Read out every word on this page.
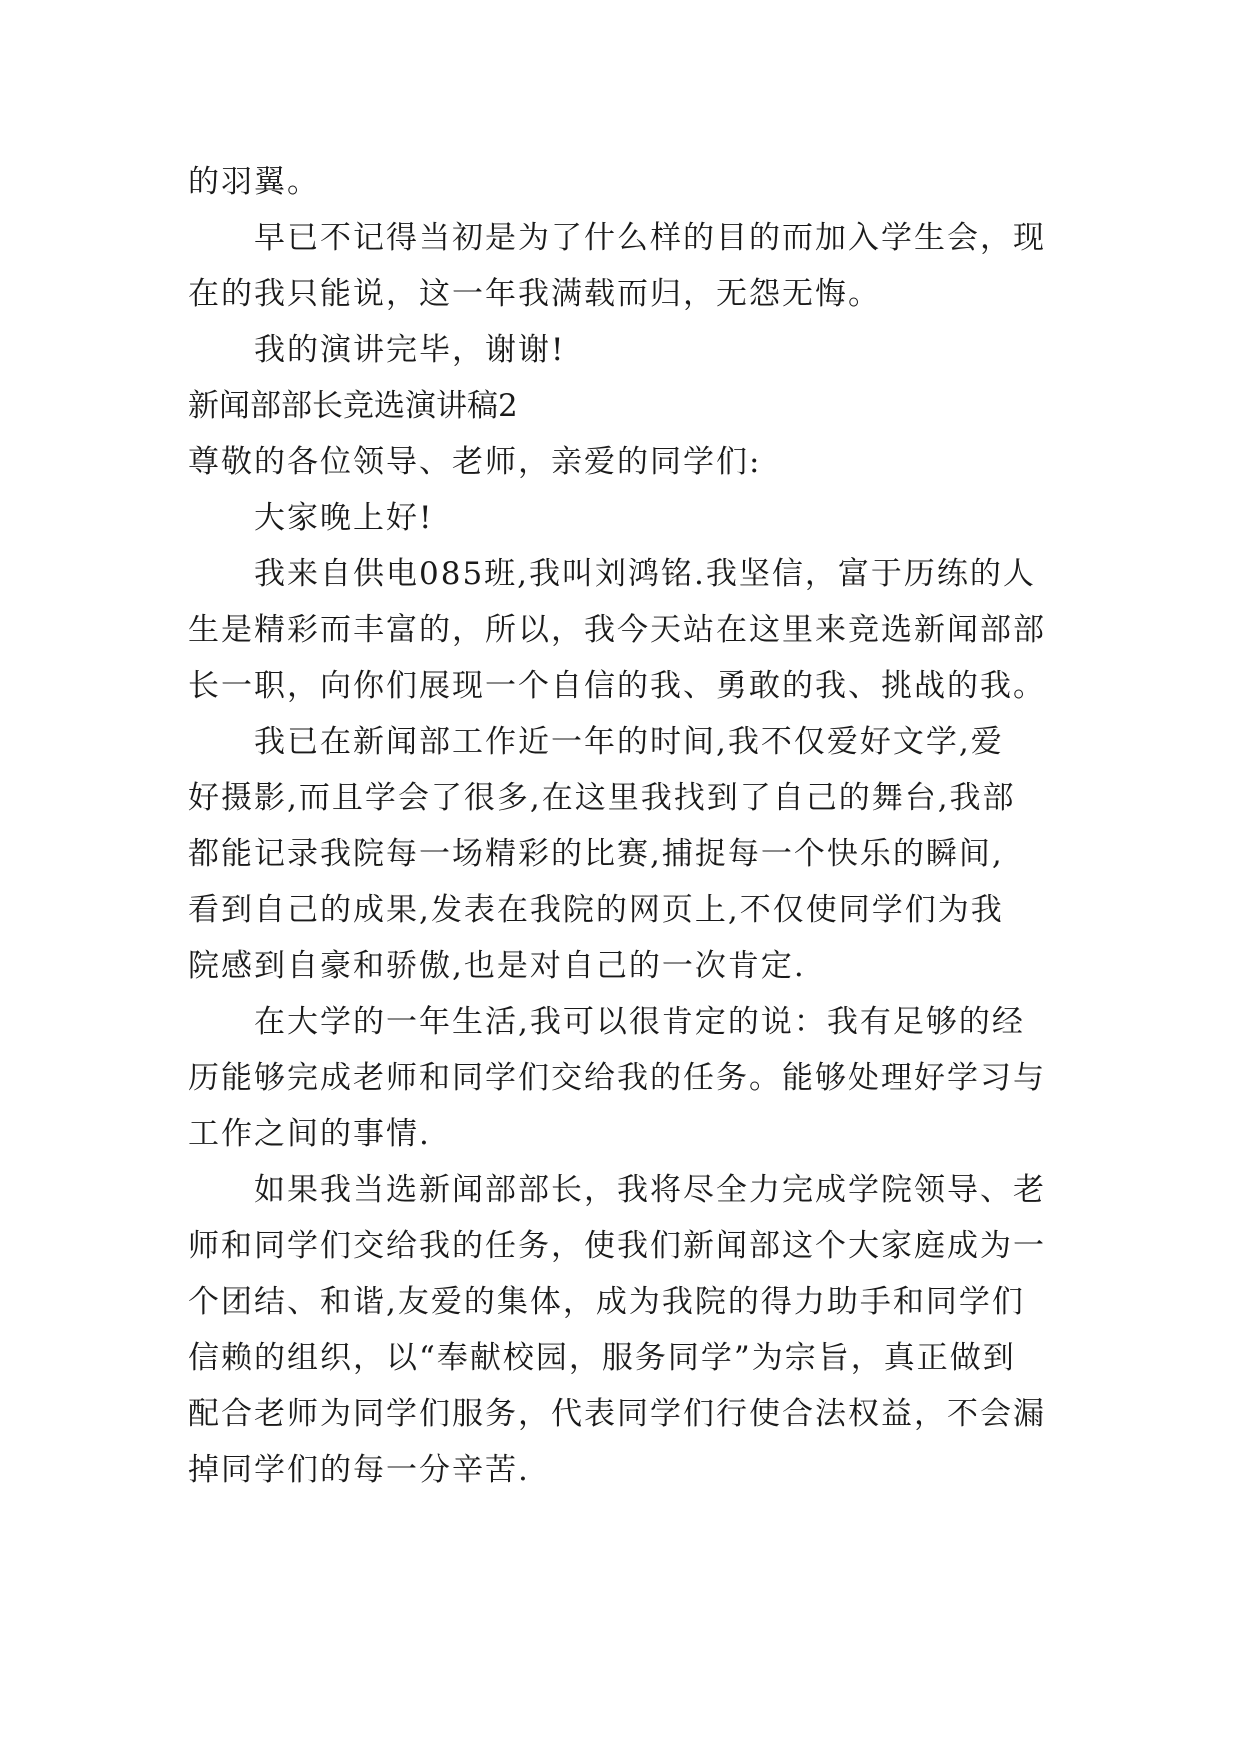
的羽翼。
早已不记得当初是为了什么样的目的而加入学生会，现
在的我只能说，这一年我满载而归，无怨无悔。
我的演讲完毕，谢谢!
新闻部部长竞选演讲稿2
尊敬的各位领导、老师，亲爱的同学们:
大家晚上好!
我来自供电085班,我叫刘鸿铭.我坚信，富于历练的人
生是精彩而丰富的，所以，我今天站在这里来竞选新闻部部
长一职，向你们展现一个自信的我、勇敢的我、挑战的我。
我已在新闻部工作近一年的时间,我不仅爱好文学,爱
好摄影,而且学会了很多,在这里我找到了自己的舞台,我部
都能记录我院每一场精彩的比赛,捕捉每一个快乐的瞬间,
看到自己的成果,发表在我院的网页上,不仅使同学们为我
院感到自豪和骄傲,也是对自己的一次肯定.
在大学的一年生活,我可以很肯定的说：我有足够的经
历能够完成老师和同学们交给我的任务。能够处理好学习与
工作之间的事情.
如果我当选新闻部部长，我将尽全力完成学院领导、老
师和同学们交给我的任务，使我们新闻部这个大家庭成为一
个团结、和谐,友爱的集体，成为我院的得力助手和同学们
信赖的组织，以“奉献校园，服务同学”为宗旨，真正做到
配合老师为同学们服务，代表同学们行使合法权益，不会漏
掉同学们的每一分辛苦.
